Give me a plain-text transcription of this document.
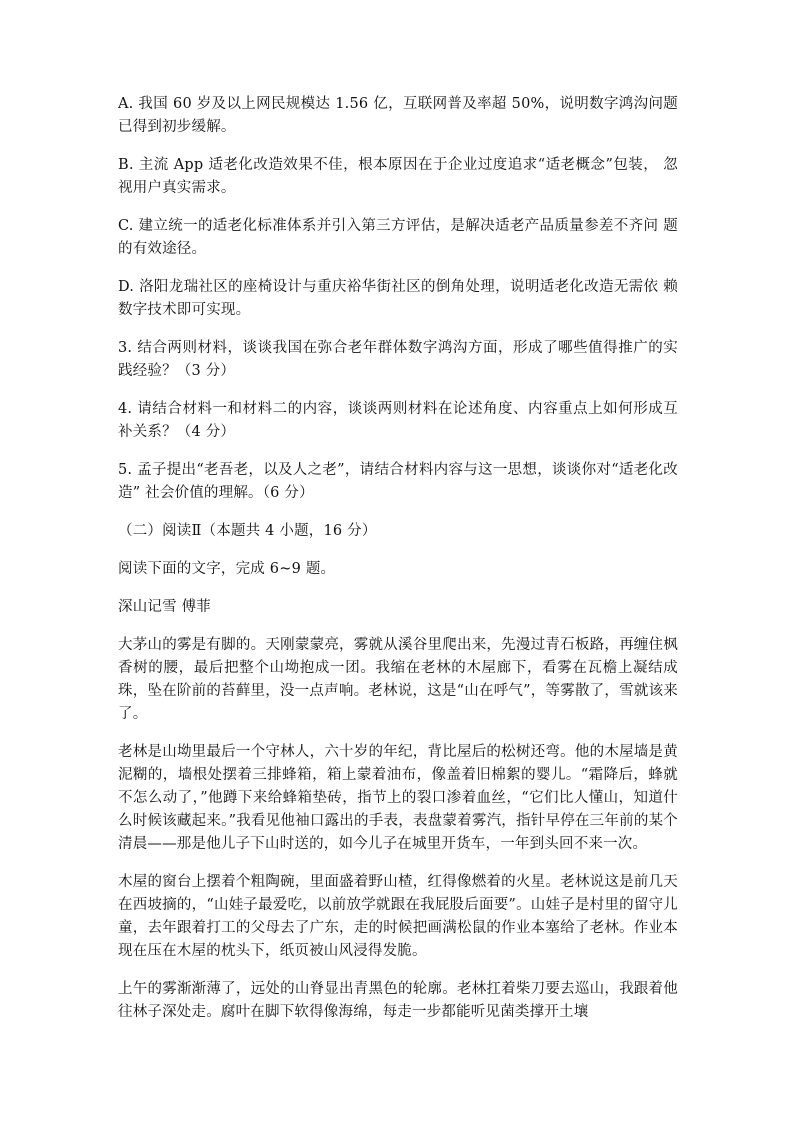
A. 我国 60 岁及以上网民规模达 1.56 亿，互联网普及率超 50%，说明数字鸿沟问题 已得到初步缓解。

B. 主流 App 适老化改造效果不佳，根本原因在于企业过度追求“适老概念”包装， 忽视用户真实需求。

C. 建立统一的适老化标准体系并引入第三方评估，是解决适老产品质量参差不齐问 题的有效途径。

D. 洛阳龙瑞社区的座椅设计与重庆裕华街社区的倒角处理，说明适老化改造无需依 赖数字技术即可实现。

3. 结合两则材料，谈谈我国在弥合老年群体数字鸿沟方面，形成了哪些值得推广的实践经验？（3 分）

4. 请结合材料一和材料二的内容，谈谈两则材料在论述角度、内容重点上如何形成互补关系？（4 分）

5. 孟子提出“老吾老，以及人之老”，请结合材料内容与这一思想，谈谈你对“适老化改造” 社会价值的理解。（6 分）

（二）阅读Ⅱ（本题共 4 小题，16 分）

阅读下面的文字，完成 6~9 题。

深山记雪 傅菲

大茅山的雾是有脚的。天刚蒙蒙亮，雾就从溪谷里爬出来，先漫过青石板路，再缠住枫香树的腰，最后把整个山坳抱成一团。我缩在老林的木屋廊下，看雾在瓦檐上凝结成珠，坠在阶前的苔藓里，没一点声响。老林说，这是“山在呼气”，等雾散了，雪就该来了。

老林是山坳里最后一个守林人，六十岁的年纪，背比屋后的松树还弯。他的木屋墙是黄泥糊的，墙根处摆着三排蜂箱，箱上蒙着油布，像盖着旧棉絮的婴儿。“霜降后，蜂就不怎么动了，”他蹲下来给蜂箱垫砖，指节上的裂口渗着血丝，“它们比人懂山，知道什么时候该藏起来。”我看见他袖口露出的手表，表盘蒙着雾汽，指针早停在三年前的某个清晨——那是他儿子下山时送的，如今儿子在城里开货车，一年到头回不来一次。

木屋的窗台上摆着个粗陶碗，里面盛着野山楂，红得像燃着的火星。老林说这是前几天在西坡摘的，“山娃子最爱吃，以前放学就跟在我屁股后面要”。山娃子是村里的留守儿童，去年跟着打工的父母去了广东，走的时候把画满松鼠的作业本塞给了老林。作业本现在压在木屋的枕头下，纸页被山风浸得发脆。

上午的雾渐渐薄了，远处的山脊显出青黑色的轮廓。老林扛着柴刀要去巡山，我跟着他往林子深处走。腐叶在脚下软得像海绵，每走一步都能听见菌类撑开土壤
